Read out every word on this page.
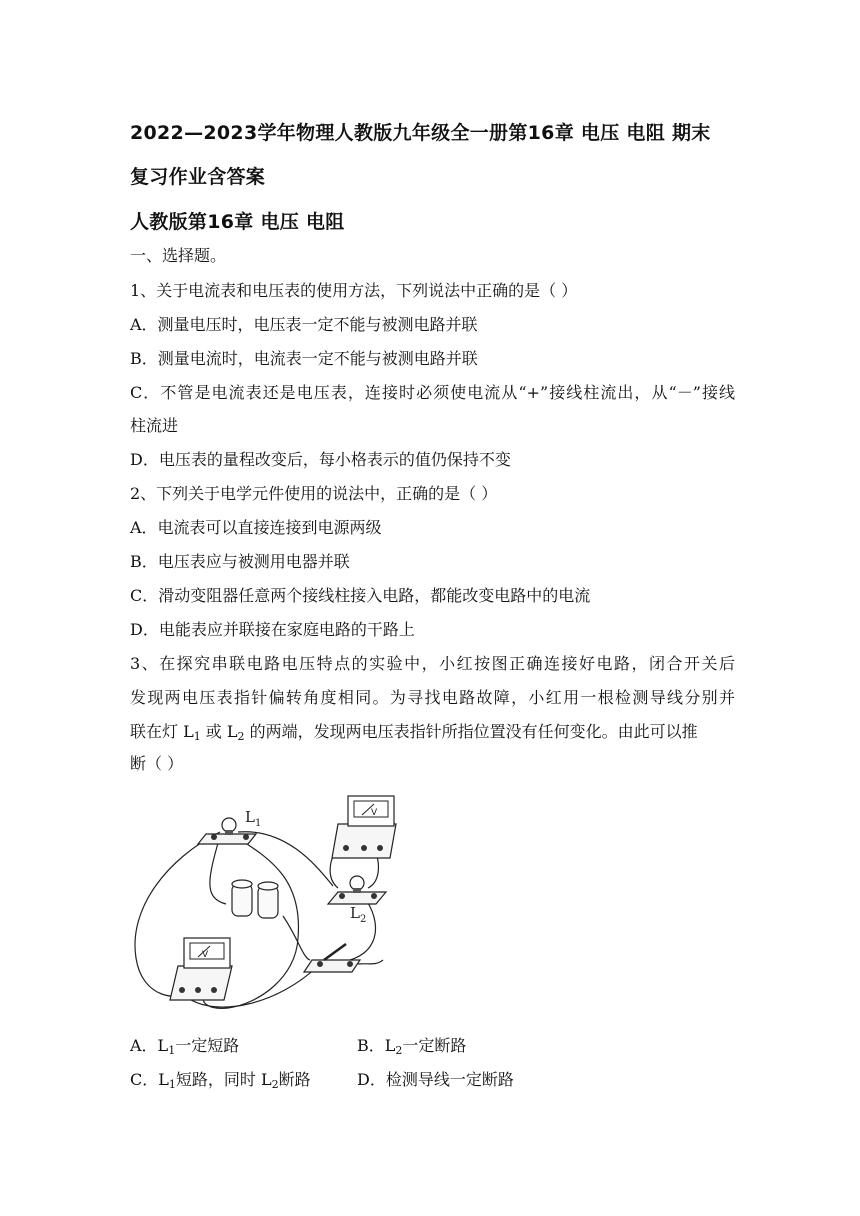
2022—2023学年物理人教版九年级全一册第16章 电压 电阻 期末
复习作业含答案
人教版第16章 电压 电阻
一、选择题。
1、关于电流表和电压表的使用方法，下列说法中正确的是（ ）
A．测量电压时，电压表一定不能与被测电路并联
B．测量电流时，电流表一定不能与被测电路并联
C．不管是电流表还是电压表，连接时必须使电流从“+”接线柱流出，从“－”接线
柱流进
D．电压表的量程改变后，每小格表示的值仍保持不变
2、下列关于电学元件使用的说法中，正确的是（ ）
A．电流表可以直接连接到电源两级
B．电压表应与被测用电器并联
C．滑动变阻器任意两个接线柱接入电路，都能改变电路中的电流
D．电能表应并联接在家庭电路的干路上
3、在探究串联电路电压特点的实验中，小红按图正确连接好电路，闭合开关后
发现两电压表指针偏转角度相同。为寻找电路故障，小红用一根检测导线分别并
联在灯 $L_1$ 或 $L_2$ 的两端，发现两电压表指针所指位置没有任何变化。由此可以推
断（ ）
$L_1$
$L_2$
V
V
A．$L_1$一定短路	B．$L_2$一定断路
C．$L_1$短路，同时 $L_2$断路	D．检测导线一定断路
